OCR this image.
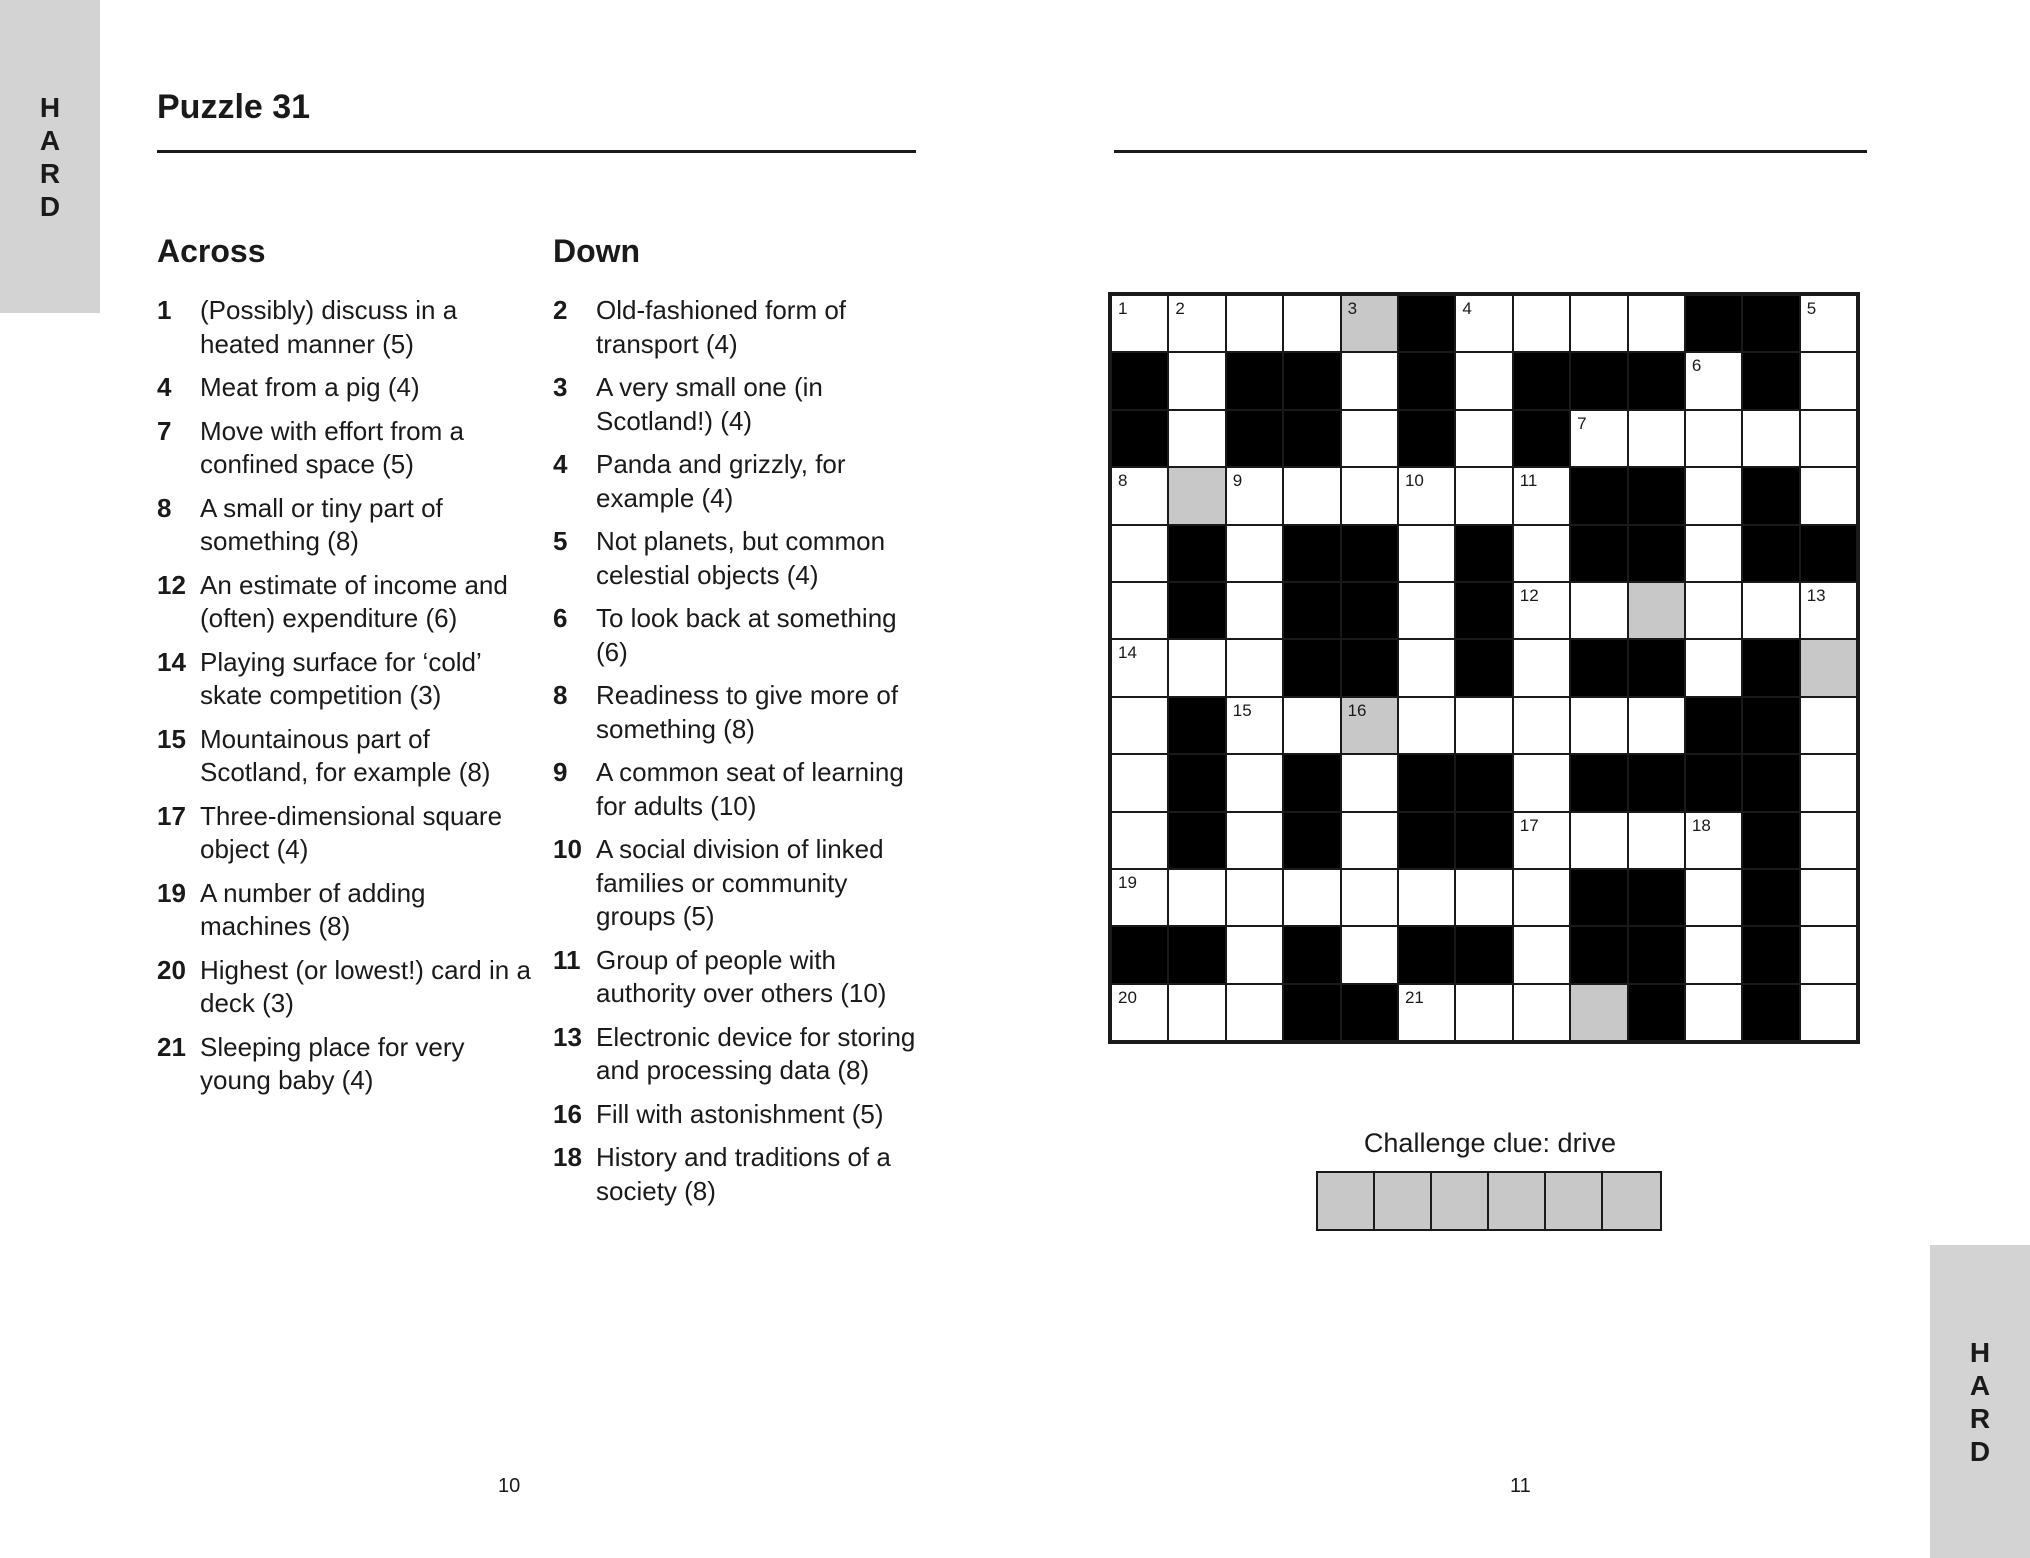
H
A
R
D
Puzzle 31
Across
1	(Possibly) discuss in a heated manner (5)
4	Meat from a pig (4)
7	Move with effort from a confined space (5)
8	A small or tiny part of something (8)
12 An estimate of income and (often) expenditure (6)
14 Playing surface for ‘cold’ skate competition (3)
15 Mountainous part of Scotland, for example (8)
17 Three-dimensional square object (4)
19 A number of adding machines (8)
20 Highest (or lowest!) card in a deck (3)
21 Sleeping place for very young baby (4)
Down
2	Old-fashioned form of transport (4)
3	A very small one (in Scotland!) (4)
4	Panda and grizzly, for example (4)
5	Not planets, but common celestial objects (4)
6	To look back at something (6)
8	Readiness to give more of something (8)
9	A common seat of learning for adults (10)
10 A social division of linked families or community groups (5)
11 Group of people with authority over others (10)
13 Electronic device for storing and processing data (8)
16 Fill with astonishment (5)
18 History and traditions of a society (8)
1	2	3	4	5
6
7
8	9	10	11
12	13
14
15	16
17	18
19
20	21
Challenge clue: drive
10	11
H
A
R
D
